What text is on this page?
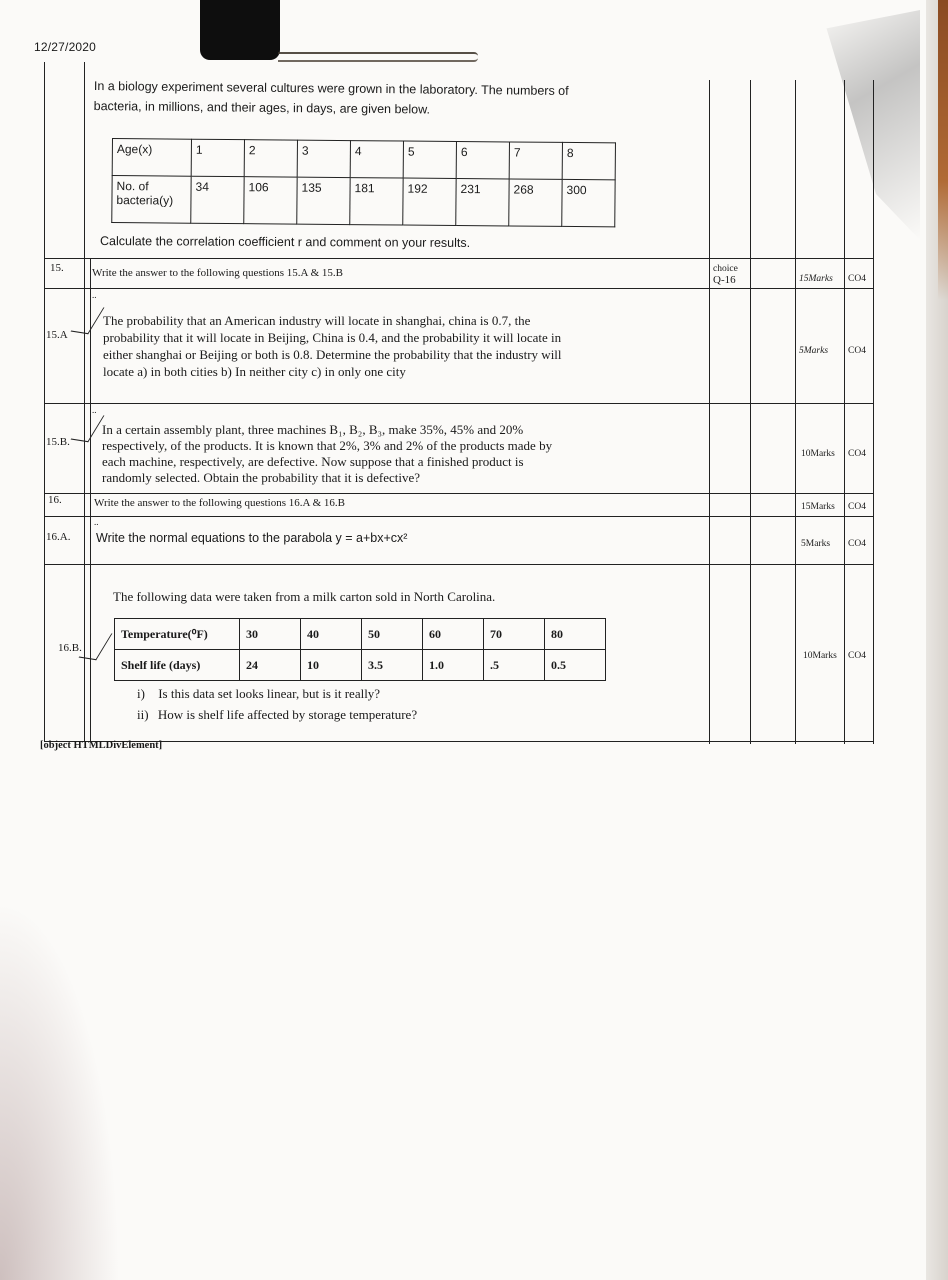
12/27/2020
In a biology experiment several cultures were grown in the laboratory. The numbers of
bacteria, in millions, and their ages, in days, are given below.
Age(x)	1	2	3	4	5	6	7	8

No. of
bacteria(y)	34	106	135	181	192	231	268	300
Calculate the correlation coefficient r and comment on your results.
15.	Write the answer to the following questions 15.A & 15.B	choice
Q-16	15Marks CO4
..
15.A
The probability that an American industry will locate in shanghai, china is 0.7, the
probability that it will locate in Beijing, China is 0.4, and the probability it will locate in
either shanghai or Beijing or both is 0.8. Determine the probability that the industry will
locate a) in both cities b) In neither city c) in only one city
5Marks CO4
..
15.B.
In a certain assembly plant, three machines B₁, B₂, B₃, make 35%, 45% and 20%
respectively, of the products. It is known that 2%, 3% and 2% of the products made by
each machine, respectively, are defective. Now suppose that a finished product is
randomly selected. Obtain the probability that it is defective?
10Marks CO4
16.	Write the answer to the following questions 16.A & 16.B	15Marks CO4
..
16.A. Write the normal equations to the parabola y = a+bx+cx²	5Marks CO4
The following data were taken from a milk carton sold in North Carolina.
16.B.
Temperature(⁰F)	30	40	50	60	70	80
Shelf life (days)	24	10	3.5	1.0	.5	0.5
i) Is this data set looks linear, but is it really?
ii) How is shelf life affected by storage temperature?
10Marks CO4
[object HTMLDivElement]
